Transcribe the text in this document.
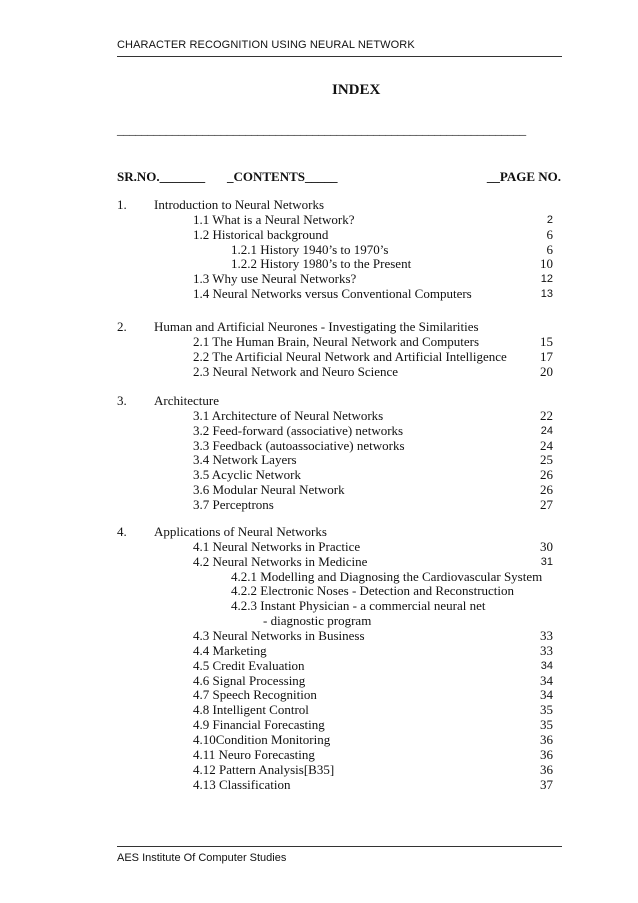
CHARACTER RECOGNITION USING NEURAL NETWORK
INDEX
___________________________________________________________________
SR.NO._______ _CONTENTS_____	__PAGE NO.
1. Introduction to Neural Networks
1.1 What is a Neural Network?	2
1.2 Historical background	6
1.2.1 History 1940’s to 1970’s	6
1.2.2 History 1980’s to the Present	10
1.3 Why use Neural Networks?	12
1.4 Neural Networks versus Conventional Computers	13
2. Human and Artificial Neurones - Investigating the Similarities
2.1 The Human Brain, Neural Network and Computers	15
2.2 The Artificial Neural Network and Artificial Intelligence	17
2.3 Neural Network and Neuro Science	20
3. Architecture
3.1 Architecture of Neural Networks	22
3.2 Feed-forward (associative) networks	24
3.3 Feedback (autoassociative) networks	24
3.4 Network Layers	25
3.5 Acyclic Network	26
3.6 Modular Neural Network	26
3.7 Perceptrons	27
4. Applications of Neural Networks
4.1 Neural Networks in Practice	30
4.2 Neural Networks in Medicine	31
4.2.1 Modelling and Diagnosing the Cardiovascular System
4.2.2 Electronic Noses - Detection and Reconstruction
4.2.3 Instant Physician - a commercial neural net
- diagnostic program
4.3 Neural Networks in Business	33
4.4 Marketing	33
4.5 Credit Evaluation	34
4.6 Signal Processing	34
4.7 Speech Recognition	34
4.8 Intelligent Control	35
4.9 Financial Forecasting	35
4.10Condition Monitoring	36
4.11 Neuro Forecasting	36
4.12 Pattern Analysis[B35]	36
4.13 Classification	37
AES Institute Of Computer Studies
